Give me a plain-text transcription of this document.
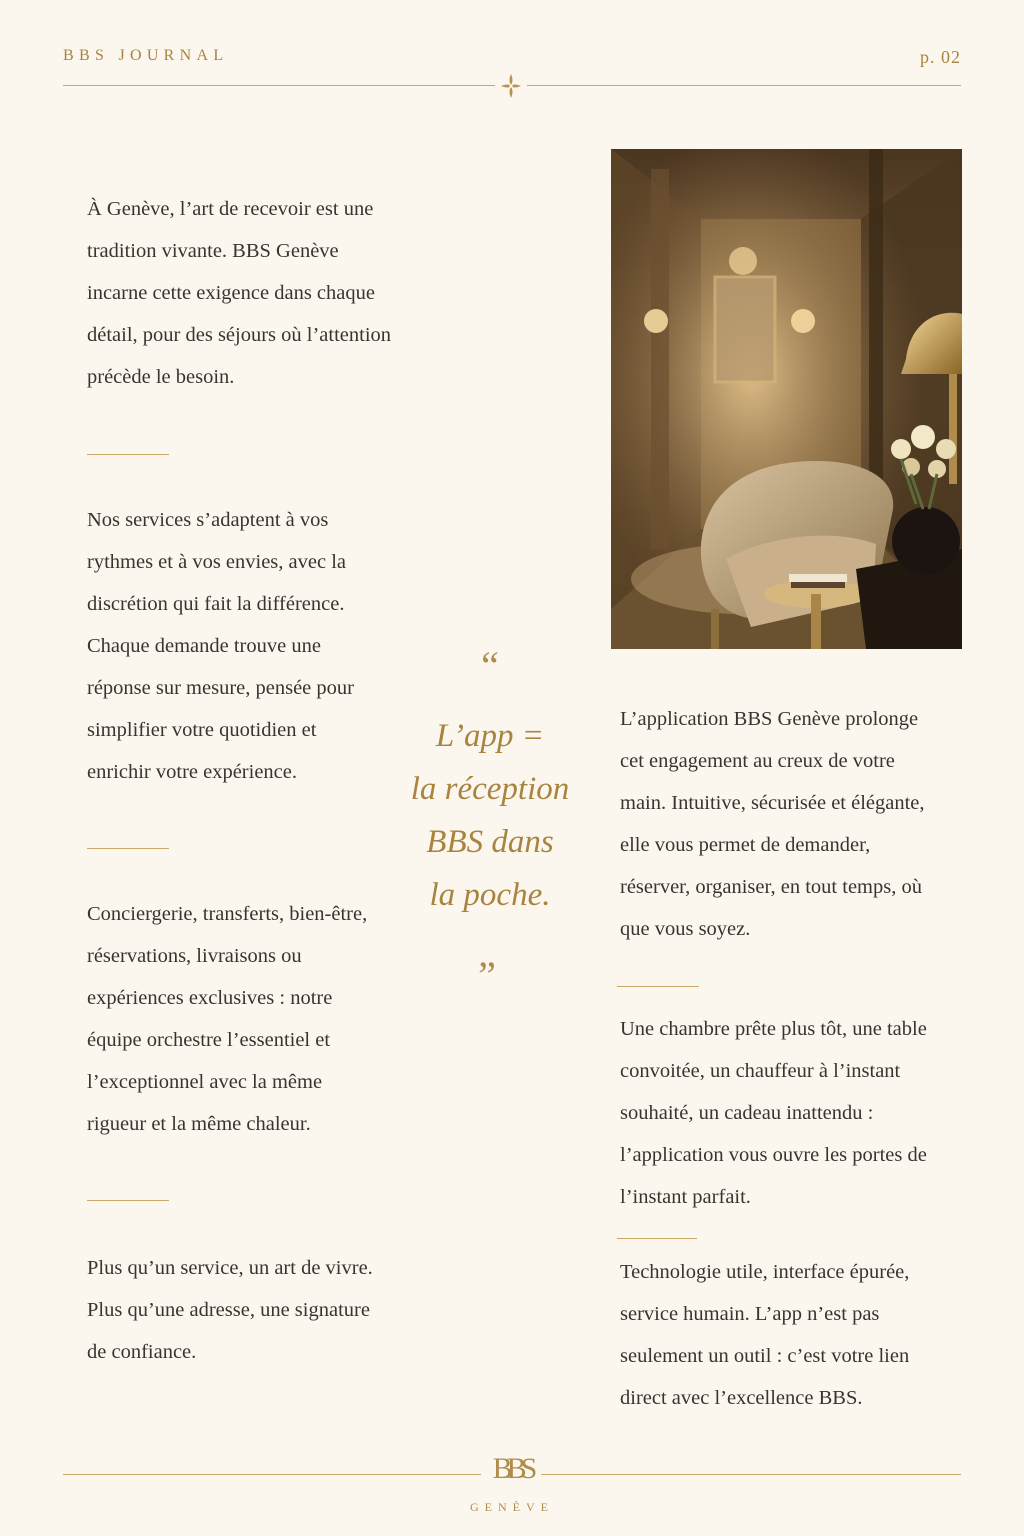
BBS JOURNAL	p. 02

À Genève, l’art de recevoir est une tradition vivante. BBS Genève incarne cette exigence dans chaque détail, pour des séjours où l’attention précède le besoin.

Nos services s’adaptent à vos rythmes et à vos envies, avec la discrétion qui fait la différence. Chaque demande trouve une réponse sur mesure, pensée pour simplifier votre quotidien et enrichir votre expérience.

Conciergerie, transferts, bien-être, réservations, livraisons ou expériences exclusives : notre équipe orchestre l’essentiel et l’exceptionnel avec la même rigueur et la même chaleur.

Plus qu’un service, un art de vivre. Plus qu’une adresse, une signature de confiance.

“
L’app =
la réception
BBS dans
la poche.
”

L’application BBS Genève prolonge cet engagement au creux de votre main. Intuitive, sécurisée et élégante, elle vous permet de demander, réserver, organiser, en tout temps, où que vous soyez.

Une chambre prête plus tôt, une table convoitée, un chauffeur à l’instant souhaité, un cadeau inattendu : l’application vous ouvre les portes de l’instant parfait.

Technologie utile, interface épurée, service humain. L’app n’est pas seulement un outil : c’est votre lien direct avec l’excellence BBS.

BBS
GENÈVE
